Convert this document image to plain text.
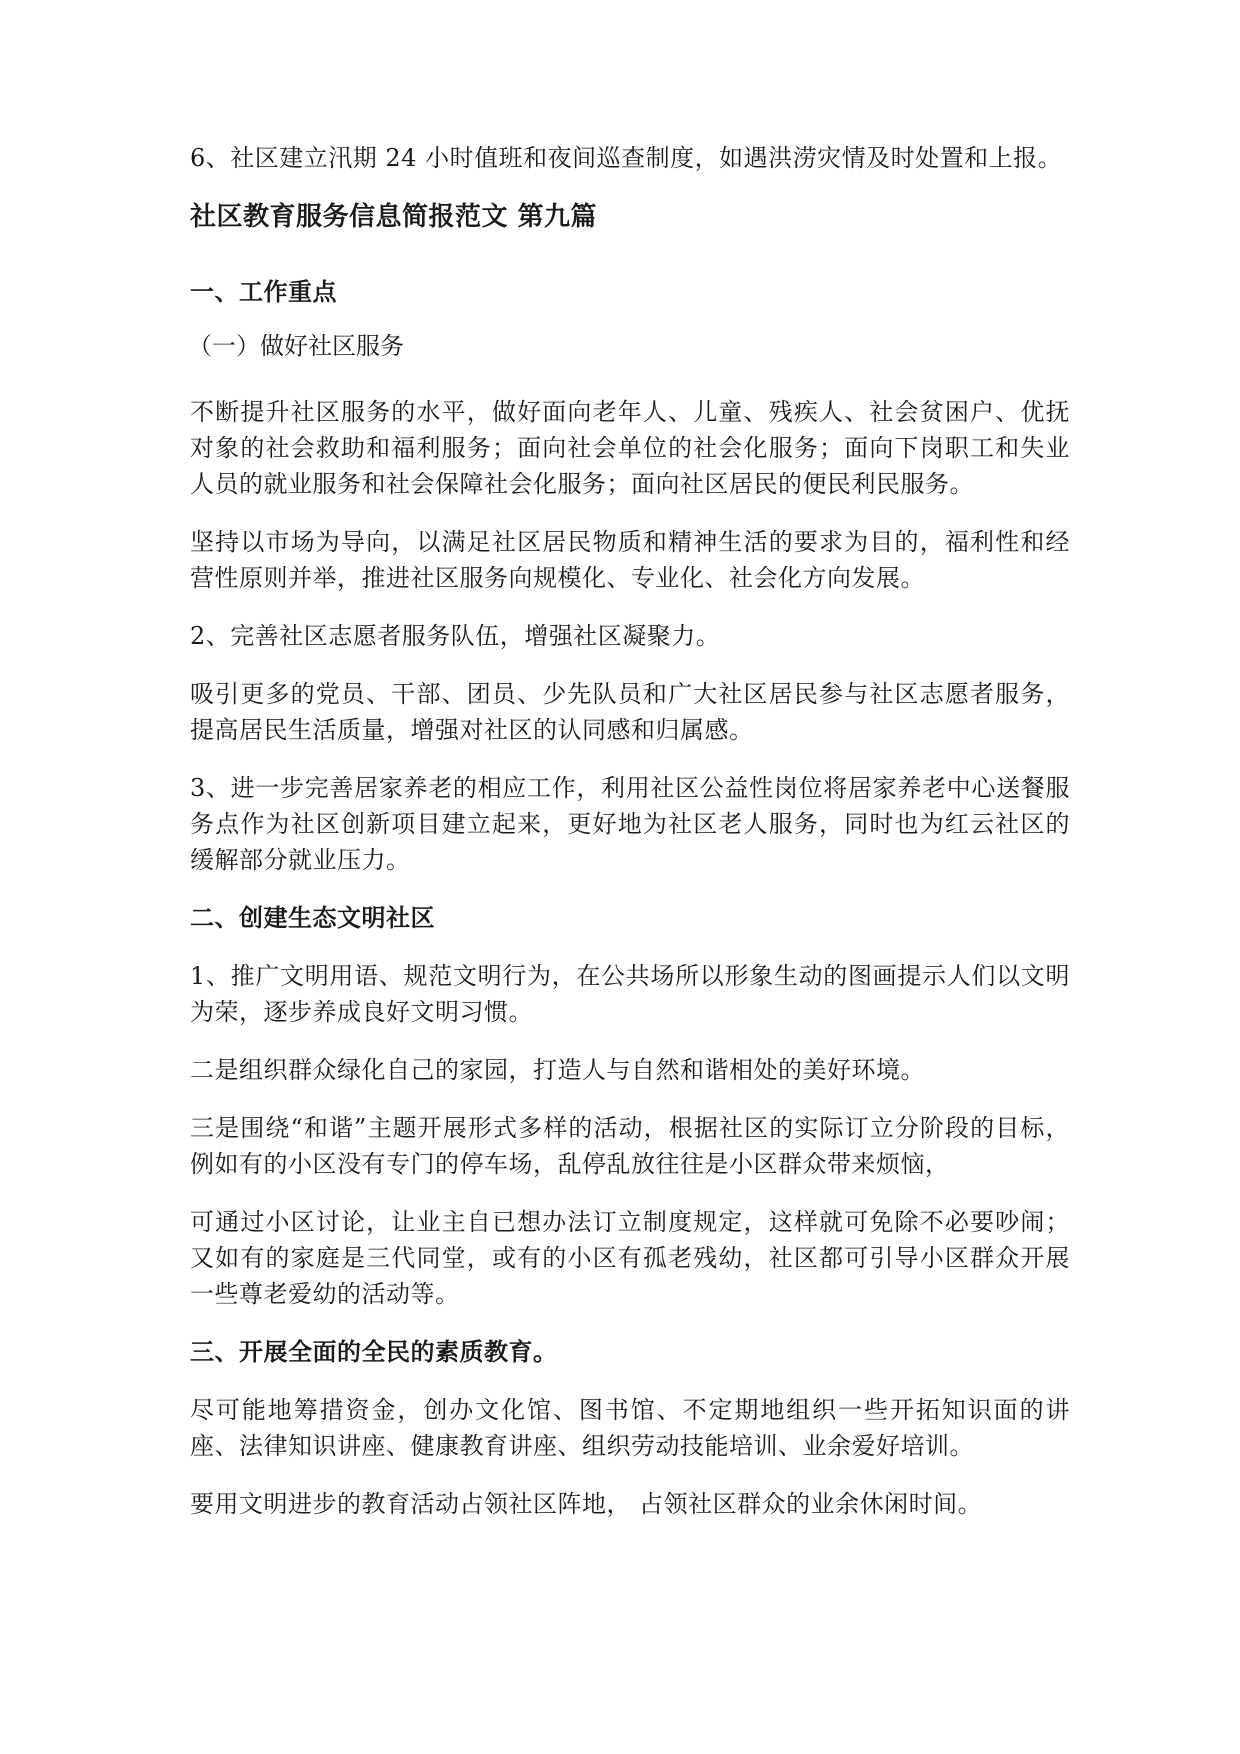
6、社区建立汛期 24 小时值班和夜间巡查制度，如遇洪涝灾情及时处置和上报。

社区教育服务信息简报范文 第九篇
一、工作重点

（一）做好社区服务

不断提升社区服务的水平，做好面向老年人、儿童、残疾人、社会贫困户、优抚对象的社会救助和福利服务；面向社会单位的社会化服务；面向下岗职工和失业人员的就业服务和社会保障社会化服务；面向社区居民的便民利民服务。

坚持以市场为导向，以满足社区居民物质和精神生活的要求为目的，福利性和经营性原则并举，推进社区服务向规模化、专业化、社会化方向发展。

2、完善社区志愿者服务队伍，增强社区凝聚力。

吸引更多的党员、干部、团员、少先队员和广大社区居民参与社区志愿者服务，提高居民生活质量，增强对社区的认同感和归属感。

3、进一步完善居家养老的相应工作，利用社区公益性岗位将居家养老中心送餐服务点作为社区创新项目建立起来，更好地为社区老人服务，同时也为红云社区的缓解部分就业压力。

二、创建生态文明社区

1、推广文明用语、规范文明行为，在公共场所以形象生动的图画提示人们以文明为荣，逐步养成良好文明习惯。

二是组织群众绿化自己的家园，打造人与自然和谐相处的美好环境。

三是围绕“和谐”主题开展形式多样的活动，根据社区的实际订立分阶段的目标，例如有的小区没有专门的停车场，乱停乱放往往是小区群众带来烦恼，

可通过小区讨论，让业主自已想办法订立制度规定，这样就可免除不必要吵闹；又如有的家庭是三代同堂，或有的小区有孤老残幼，社区都可引导小区群众开展一些尊老爱幼的活动等。

三、开展全面的全民的素质教育。

尽可能地筹措资金，创办文化馆、图书馆、不定期地组织一些开拓知识面的讲座、法律知识讲座、健康教育讲座、组织劳动技能培训、业余爱好培训。

要用文明进步的教育活动占领社区阵地， 占领社区群众的业余休闲时间。
